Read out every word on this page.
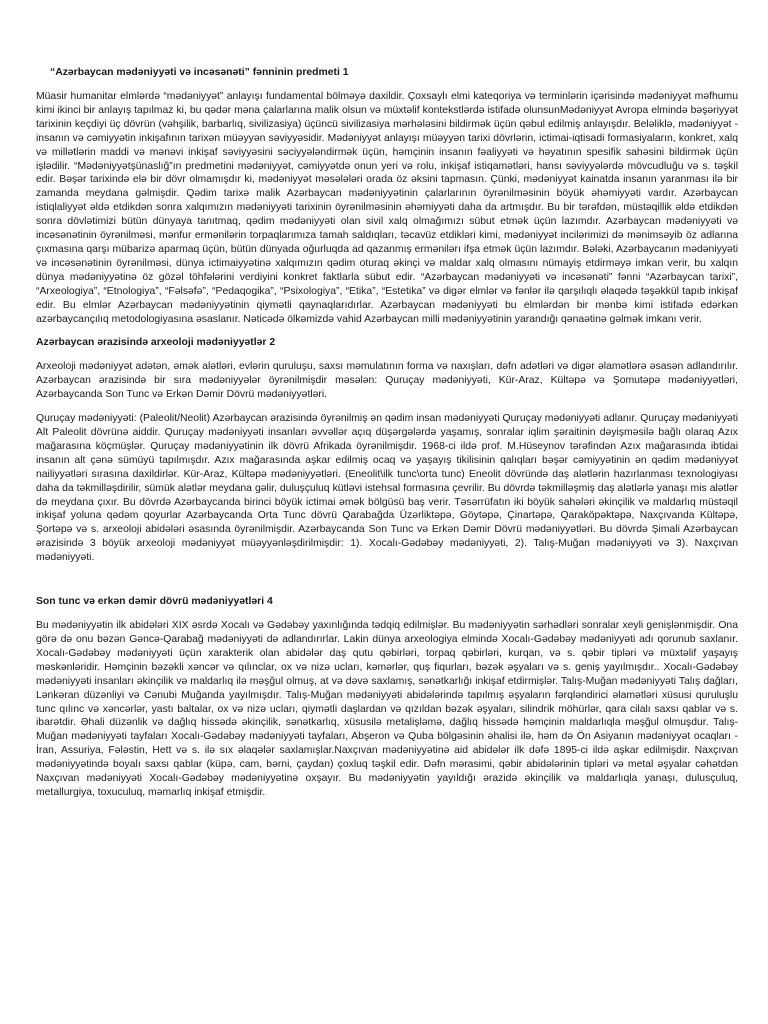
“Azərbaycan mədəniyyəti və incəsənəti” fənninin predmeti 1

Müasir humanitar elmlərdə “mədəniyyət” anlayışı fundamental bölməyə daxildir. Çoxsaylı elmi kateqoriya və terminlərin içərisində mədəniyyət məfhumu kimi ikinci bir anlayış tapılmaz ki, bu qədər məna çalarlarına malik olsun və müxtəlif kontekstlərdə istifadə olunsunMədəniyyət Avropa elmində bəşəriyyət tarixinin keçdiyi üç dövrün (vəhşilik, barbarlıq, sivilizasiya) üçüncü sivilizasiya mərhələsini bildirmək üçün qəbul edilmiş anlayışdır. Beləliklə, mədəniyyət - insanın və cəmiyyətin inkişafının tarixən müəyyən səviyyəsidir. Mədəniyyət anlayışı müəyyən tarixi dövrlərin, ictimai-iqtisadi formasiyaların, konkret, xalq və millətlərin maddi və mənəvi inkişaf səviyyəsini səciyyələndirmək üçün, həmçinin insanın fəaliyyəti və həyatının spesifik sahəsini bildirmək üçün işlədilir. “Mədəniyyətşünaslığ”ın predmetini mədəniyyət, cəmiyyətdə onun yeri və rolu, inkişaf istiqamətləri, hansı səviyyələrdə mövcudluğu və s. təşkil edir. Bəşər tarixində elə bir dövr olmamışdır ki, mədəniyyət məsələləri orada öz əksini tapmasın. Çünki, mədəniyyət kainatda insanın yaranması ilə bir zamanda meydana gəlmişdir. Qədim tarixə malik Azərbaycan mədəniyyətinin çalarlarının öyrənilməsinin böyük əhəmiyyəti vardır. Azərbaycan istiqlaliyyət əldə etdikdən sonra xalqımızın mədəniyyəti tarixinin öyrənilməsinin əhəmiyyəti daha da artmışdır. Bu bir tərəfdən, müstəqillik əldə etdikdən sonra dövlətimizi bütün dünyaya tanıtmaq, qədim mədəniyyəti olan sivil xalq olmağımızı sübut etmək üçün lazımdır. Azərbaycan mədəniyyəti və incəsənətinin öyrənilməsi, mənfur ermənilərin torpaqlarımıza tamah saldıqları, təcavüz etdikləri kimi, mədəniyyət incilərimizi də mənimsəyib öz adlarına çıxmasına qarşı mübarizə aparmaq üçün, bütün dünyada oğurluqda ad qazanmış ermənilərı ifşa etmək üçün lazımdır. Bələki, Azərbaycanın mədəniyyəti və incəsənətinin öyrənilməsi, dünya ictimaiyyətinə xalqımızın qədim oturaq əkinçi və maldar xalq olmasını nümayiş etdirməyə imkan verir, bu xalqın dünya mədəniyyətinə öz gözəl töhfələrini verdiyini konkret faktlarla sübut edir. “Azərbaycan mədəniyyəti və incəsənəti” fənni “Azərbaycan tarixi”, “Arxeologiya”, “Etnologiya”, “Fəlsəfə”, “Pedaqogika”, “Psixologiya”, “Etika”, “Estetika” və digər elmlər və fənlər ilə qarşılıqlı əlaqədə təşəkkül tapıb inkişaf edir. Bu elmlər Azərbaycan mədəniyyətinin qiymətli qaynaqlarıdırlar. Azərbaycan mədəniyyəti bu elmlərdən bir mənbə kimi istifadə edərkən azərbaycançılıq metodologiyasına əsaslanır. Nəticədə ölkəmizdə vahid Azərbaycan milli mədəniyyətinin yarandığı qənaətinə gəlmək imkanı verir.

Azərbaycan ərazisində arxeoloji mədəniyyətlər 2

Arxeoloji mədəniyyət adətən, əmək alətləri, evlərin quruluşu, saxsı məmulatının forma və naxışları, dəfn adətləri və digər əlamətlərə əsasən adlandırılır. Azərbaycan ərazisində bir sıra mədəniyyələr öyrənilmişdir məsələn: Quruçay mədəniyyəti, Kür-Araz, Kültəpə və Şomutəpə mədəniyyətləri, Azərbaycanda Son Tunc və Erkən Dəmir Dövrü mədəniyyətləri.

Quruçay mədəniyyəti: (Paleolit/Neolit) Azərbaycan ərazisində öyrənilmiş ən qədim insan mədəniyyəti Quruçay mədəniyyəti adlanır. Quruçay mədəniyyəti Alt Paleolit dövrünə aiddir. Quruçay mədəniyyəti insanları əvvəllər açıq düşərgələrdə yaşamış, sonralar iqlim şəraitinin dəyişməsilə bağlı olaraq Azıx mağarasına köçmüşlər. Quruçay mədəniyyətinin ilk dövrü Afrikada öyrənilmişdir. 1968-ci ildə prof. M.Hüseynov tərəfindən Azıx mağarasında ibtidai insanın alt çənə sümüyü tapılmışdır. Azıx mağarasında aşkar edilmiş ocaq və yaşayış tikilisinin qalıqları bəşər cəmiyyətinin ən qədim mədəniyyət nailiyyətləri sırasına daxildirlər. Kür-Araz, Kültəpə mədəniyyətləri. (Eneolit\ilk tunc\orta tunc) Eneolit dövründə daş alətlərin hazırlanması texnologiyası daha da təkmilləşdirilir, sümük alətlər meydana gəlir, duluşçuluq kütləvi istehsal formasına çevrilir. Bu dövrdə təkmilləşmiş daş alətlərlə yanaşı mis alətlər də meydana çıxır. Bu dövrdə Azərbaycanda birinci böyük ictimai əmək bölgüsü baş verir. Təsərrüfatın iki böyük sahələri əkinçilik və maldarlıq müstəqil inkişaf yoluna qədəm qoyurlar Azərbaycanda Orta Tunc dövrü Qarabağda Üzərliktəpə, Göytəpə, Çinartəpə, Qaraköpəktəpə, Naxçıvanda Kültəpə, Şortəpə və s. arxeoloji abidələri əsasında öyrənilmişdir. Azərbaycanda Son Tunc və Erkən Dəmir Dövrü mədəniyyətləri. Bu dövrdə Şimali Azərbaycan ərazisində 3 böyük arxeoloji mədəniyyət müəyyənləşdirilmişdir: 1). Xocalı-Gədəbəy mədəniyyəti, 2). Talış-Muğan mədəniyyəti və 3). Naxçıvan mədəniyyəti.

Son tunc və erkən dəmir dövrü mədəniyyətləri 4

Bu mədəniyyətin ilk abidələri XIX əsrdə Xocalı və Gədəbəy yaxınlığında tədqiq edilmişlər. Bu mədəniyyətin sərhədləri sonralar xeyli genişlənmişdir. Ona görə də onu bəzən Gəncə-Qarabağ mədəniyyəti də adlandırırlar. Lakin dünya arxeologiya elmində Xocalı-Gədəbəy mədəniyyəti adı qorunub saxlanır. Xocalı-Gədəbəy mədəniyyəti üçün xarakterik olan abidələr daş qutu qəbirləri, torpaq qəbirləri, kurqan, və s. qəbir tipləri və müxtəlif yaşayış məskənləridir. Həmçinin bəzəkli xəncər və qılınclar, ox və nizə ucları, kəmərlər, quş fiqurları, bəzək əşyaları və s. geniş yayılmışdır.. Xocalı-Gədəbəy mədəniyyəti insanları əkinçilik və maldarlıq ilə məşğul olmuş, at və dəvə saxlamış, sənətkarlığı inkişaf etdirmişlər. Talış-Muğan mədəniyyəti Talış dağları, Lənkəran düzənliyi və Cənubi Muğanda yayılmışdır. Talış-Muğan mədəniyyəti abidələrində tapılmış əşyaların fərqləndirici əlamətləri xüsusi quruluşlu tunc qılınc və xəncərlər, yastı baltalar, ox və nizə ucları, qiymətli daşlardan və qızıldan bəzək əşyaları, silindrik möhürlər, qara cilalı saxsı qablar və s. ibarətdir. Əhali düzənlik və dağlıq hissədə əkinçilik, sənətkarlıq, xüsusilə metalişləmə, dağlıq hissədə həmçinin maldarlıqla məşğul olmuşdur. Talış-Muğan mədəniyyəti tayfaları Xocalı-Gədəbəy mədəniyyəti tayfaları, Abşeron və Quba bölgəsinin əhalisi ilə, həm də Ön Asiyanın mədəniyyət ocaqları - İran, Assuriya, Fələstin, Hett və s. ilə sıx əlaqələr saxlamışlar.Naxçıvan mədəniyyətinə aid abidələr ilk dəfə 1895-ci ildə aşkar edilmişdir. Naxçıvan mədəniyyətində boyalı saxsı qablar (küpə, cam, bərni, çaydan) çoxluq təşkil edir. Dəfn mərasimi, qəbir abidələrinin tipləri və metal əşyalar cəhətdən Naxçıvan mədəniyyəti Xocalı-Gədəbəy mədəniyyətinə oxşayır. Bu mədəniyyətin yayıldığı ərazidə əkinçilik və maldarlıqla yanaşı, dulusçuluq, metallurgiya, toxuculuq, məmarlıq inkişaf etmişdir.
